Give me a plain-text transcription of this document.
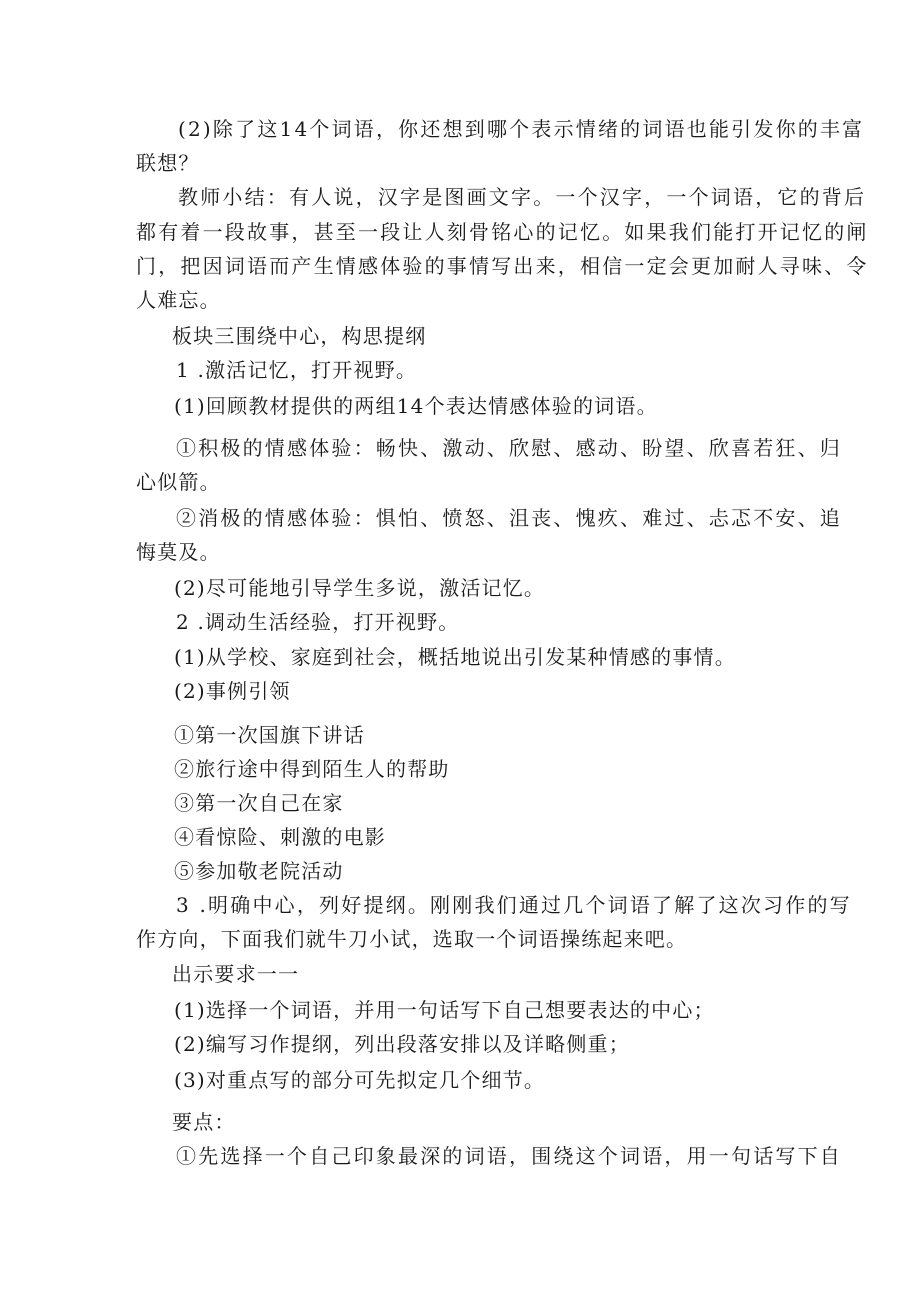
(2)除了这14个词语，你还想到哪个表示情绪的词语也能引发你的丰富
联想？
教师小结：有人说，汉字是图画文字。一个汉字，一个词语，它的背后
都有着一段故事，甚至一段让人刻骨铭心的记忆。如果我们能打开记忆的闸
门，把因词语而产生情感体验的事情写出来，相信一定会更加耐人寻味、令
人难忘。
板块三围绕中心，构思提纲
1 .激活记忆，打开视野。
(1)回顾教材提供的两组14个表达情感体验的词语。
①积极的情感体验：畅快、激动、欣慰、感动、盼望、欣喜若狂、归
心似箭。
②消极的情感体验：惧怕、愤怒、沮丧、愧疚、难过、忐忑不安、追
悔莫及。
(2)尽可能地引导学生多说，激活记忆。
2 .调动生活经验，打开视野。
(1)从学校、家庭到社会，概括地说出引发某种情感的事情。
(2)事例引领
①第一次国旗下讲话
②旅行途中得到陌生人的帮助
③第一次自己在家
④看惊险、刺激的电影
⑤参加敬老院活动
3 .明确中心，列好提纲。刚刚我们通过几个词语了解了这次习作的写
作方向，下面我们就牛刀小试，选取一个词语操练起来吧。
出示要求一一
(1)选择一个词语，并用一句话写下自己想要表达的中心；
(2)编写习作提纲，列出段落安排以及详略侧重；
(3)对重点写的部分可先拟定几个细节。
要点：
①先选择一个自己印象最深的词语，围绕这个词语，用一句话写下自
